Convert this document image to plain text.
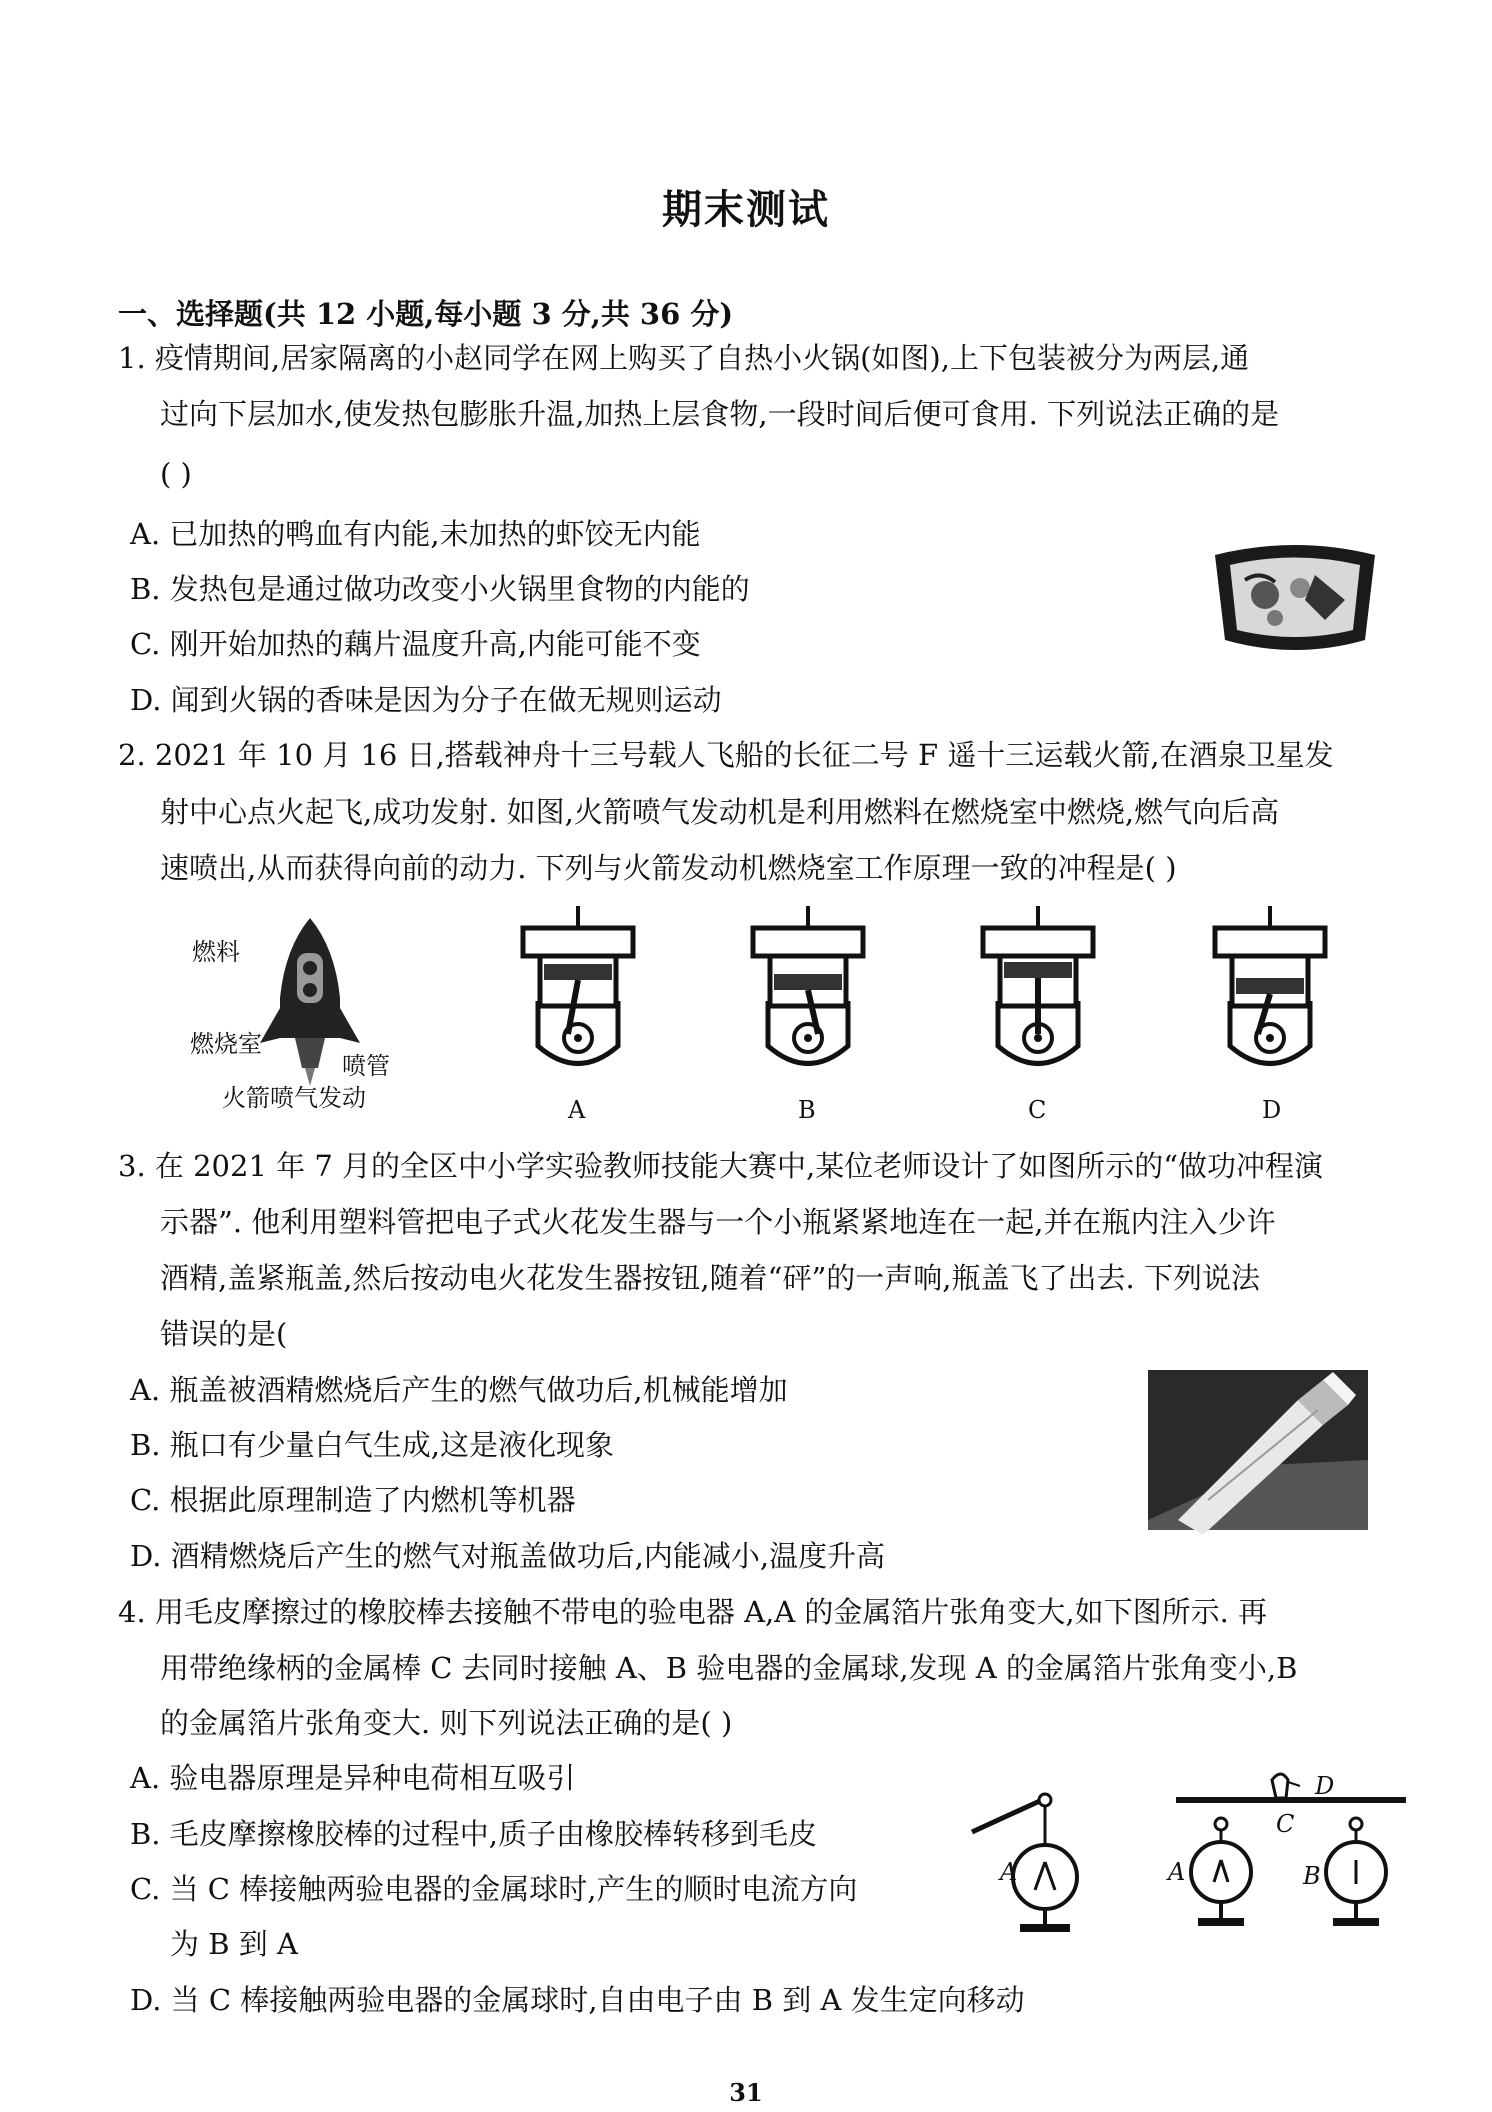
期末测试
一、选择题(共 12 小题,每小题 3 分,共 36 分)
1. 疫情期间,居家隔离的小赵同学在网上购买了自热小火锅(如图),上下包装被分为两层,通
过向下层加水,使发热包膨胀升温,加热上层食物,一段时间后便可食用. 下列说法正确的是
( )
A. 已加热的鸭血有内能,未加热的虾饺无内能
B. 发热包是通过做功改变小火锅里食物的内能的
C. 刚开始加热的藕片温度升高,内能可能不变
D. 闻到火锅的香味是因为分子在做无规则运动
2. 2021 年 10 月 16 日,搭载神舟十三号载人飞船的长征二号 F 遥十三运载火箭,在酒泉卫星发
射中心点火起飞,成功发射. 如图,火箭喷气发动机是利用燃料在燃烧室中燃烧,燃气向后高
速喷出,从而获得向前的动力. 下列与火箭发动机燃烧室工作原理一致的冲程是( )
燃料
燃烧室
喷管
火箭喷气发动	A	B	C	D
3. 在 2021 年 7 月的全区中小学实验教师技能大赛中,某位老师设计了如图所示的“做功冲程演
示器”. 他利用塑料管把电子式火花发生器与一个小瓶紧紧地连在一起,并在瓶内注入少许
酒精,盖紧瓶盖,然后按动电火花发生器按钮,随着“砰”的一声响,瓶盖飞了出去. 下列说法
错误的是(
A. 瓶盖被酒精燃烧后产生的燃气做功后,机械能增加
B. 瓶口有少量白气生成,这是液化现象
C. 根据此原理制造了内燃机等机器
D. 酒精燃烧后产生的燃气对瓶盖做功后,内能减小,温度升高
4. 用毛皮摩擦过的橡胶棒去接触不带电的验电器 A,A 的金属箔片张角变大,如下图所示. 再
用带绝缘柄的金属棒 C 去同时接触 A、B 验电器的金属球,发现 A 的金属箔片张角变小,B
的金属箔片张角变大. 则下列说法正确的是( )
A. 验电器原理是异种电荷相互吸引
B. 毛皮摩擦橡胶棒的过程中,质子由橡胶棒转移到毛皮
C. 当 C 棒接触两验电器的金属球时,产生的顺时电流方向
为 B 到 A
D. 当 C 棒接触两验电器的金属球时,自由电子由 B 到 A 发生定向移动
A
D
C
A	B
31
